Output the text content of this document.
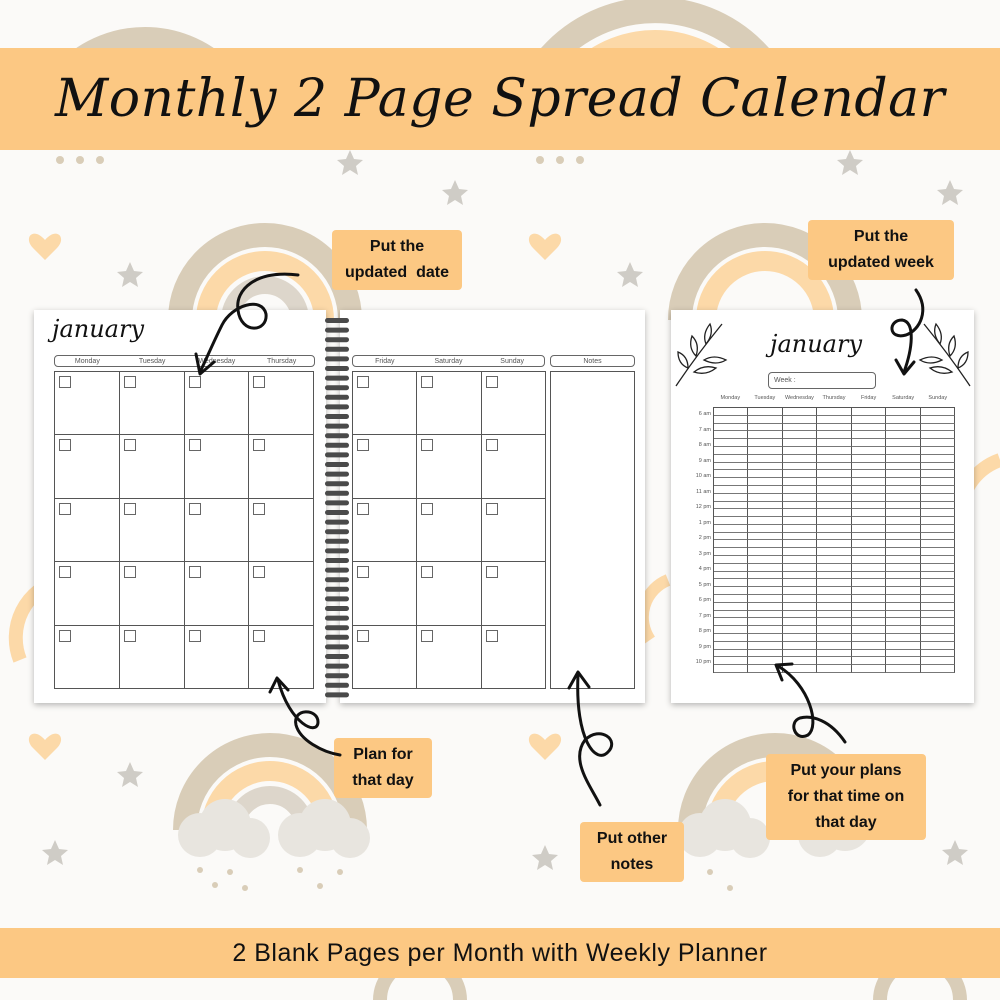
Monthly 2 Page Spread Calendar
january
Monday	Tuesday	Wednesday	Thursday	Friday	Saturday	Sunday	Notes
january
Week :
Monday	Tuesday	Wednesday	Thursday	Friday	Saturday	Sunday
6 am
7 am
8 am
9 am
10 am
11 am
12 pm
1 pm
2 pm
3 pm
4 pm
5 pm
6 pm
7 pm
8 pm
9 pm
10 pm
Put the
updated  date
Put the
updated week
Plan for
that day
Put other
notes
Put your plans
for that time on
that day
2 Blank Pages per Month with Weekly Planner
